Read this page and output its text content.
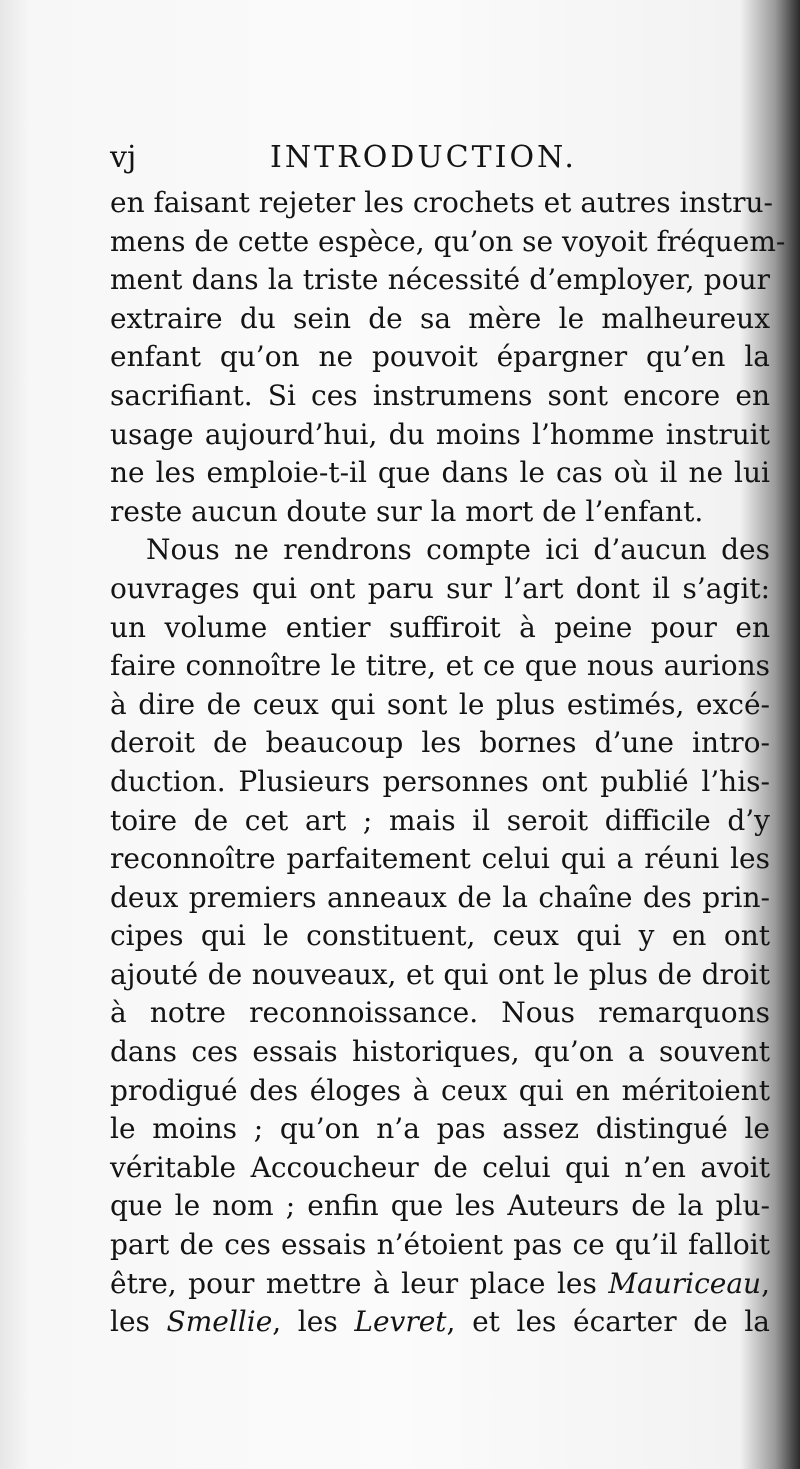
vj	INTRODUCTION.
en faisant rejeter les crochets et autres instru-
mens de cette espèce, qu’on se voyoit fréquem-
ment dans la triste nécessité d’employer, pour
extraire du sein de sa mère le malheureux
enfant qu’on ne pouvoit épargner qu’en la
sacrifiant. Si ces instrumens sont encore en
usage aujourd’hui, du moins l’homme instruit
ne les emploie-t-il que dans le cas où il ne lui
reste aucun doute sur la mort de l’enfant.
Nous ne rendrons compte ici d’aucun des
ouvrages qui ont paru sur l’art dont il s’agit:
un volume entier suffiroit à peine pour en
faire connoître le titre, et ce que nous aurions
à dire de ceux qui sont le plus estimés, excé-
deroit de beaucoup les bornes d’une intro-
duction. Plusieurs personnes ont publié l’his-
toire de cet art ; mais il seroit difficile d’y
reconnoître parfaitement celui qui a réuni les
deux premiers anneaux de la chaîne des prin-
cipes qui le constituent, ceux qui y en ont
ajouté de nouveaux, et qui ont le plus de droit
à notre reconnoissance. Nous remarquons
dans ces essais historiques, qu’on a souvent
prodigué des éloges à ceux qui en méritoient
le moins ; qu’on n’a pas assez distingué le
véritable Accoucheur de celui qui n’en avoit
que le nom ; enfin que les Auteurs de la plu-
part de ces essais n’étoient pas ce qu’il falloit
être, pour mettre à leur place les Mauriceau,
les Smellie, les Levret, et les écarter de la
